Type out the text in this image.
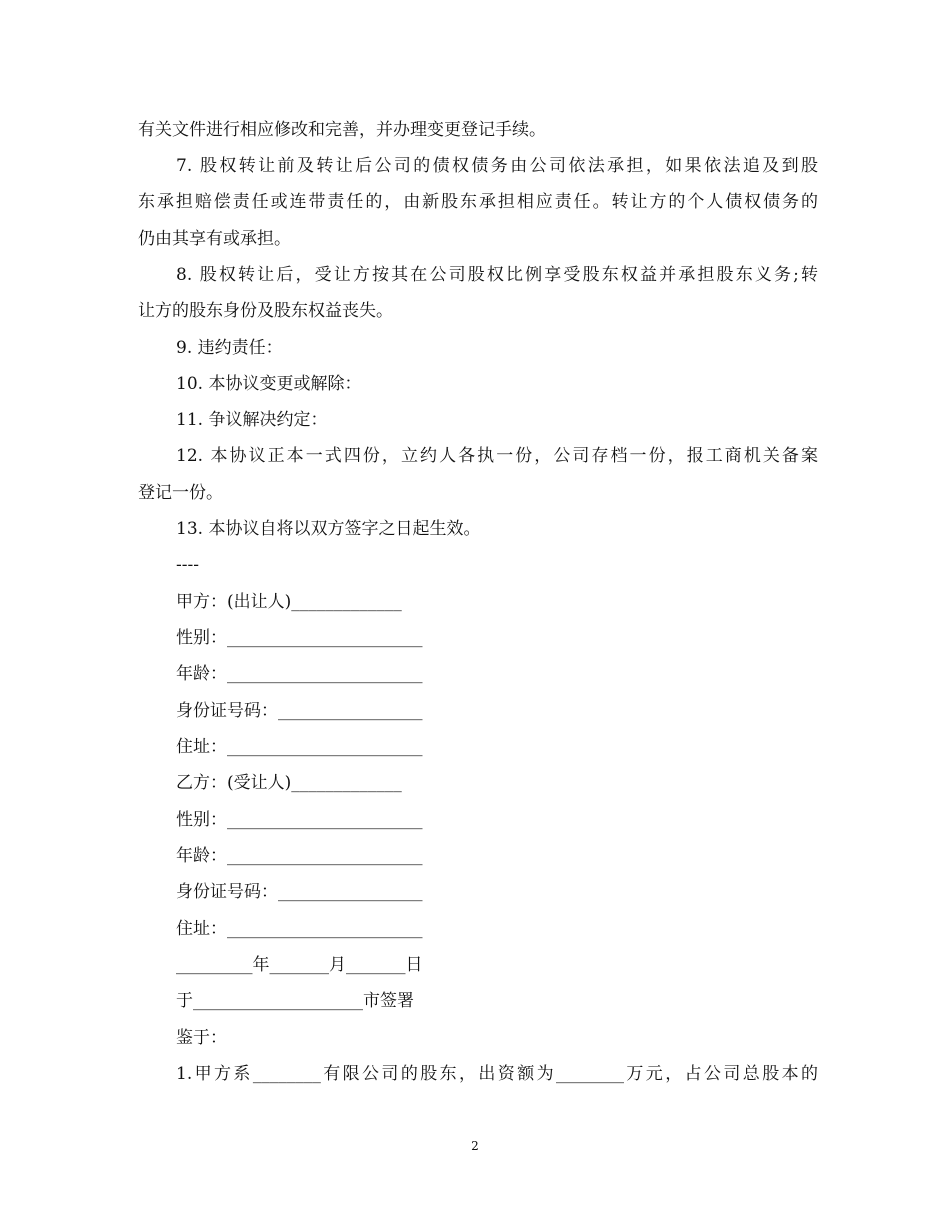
有关文件进行相应修改和完善，并办理变更登记手续。
7. 股权转让前及转让后公司的债权债务由公司依法承担，如果依法追及到股
东承担赔偿责任或连带责任的，由新股东承担相应责任。转让方的个人债权债务的
仍由其享有或承担。
8. 股权转让后，受让方按其在公司股权比例享受股东权益并承担股东义务;转
让方的股东身份及股东权益丧失。
9. 违约责任：
10. 本协议变更或解除：
11. 争议解决约定：
12. 本协议正本一式四份，立约人各执一份，公司存档一份，报工商机关备案
登记一份。
13. 本协议自将以双方签字之日起生效。
----
甲方：(出让人)_____________
性别：_______________________
年龄：_______________________
身份证号码：_________________
住址：_______________________
乙方：(受让人)_____________
性别：_______________________
年龄：_______________________
身份证号码：_________________
住址：_______________________
_________年_______月_______日
于____________________市签署
鉴于：
1.甲方系________有限公司的股东，出资额为________万元，占公司总股本的
2
